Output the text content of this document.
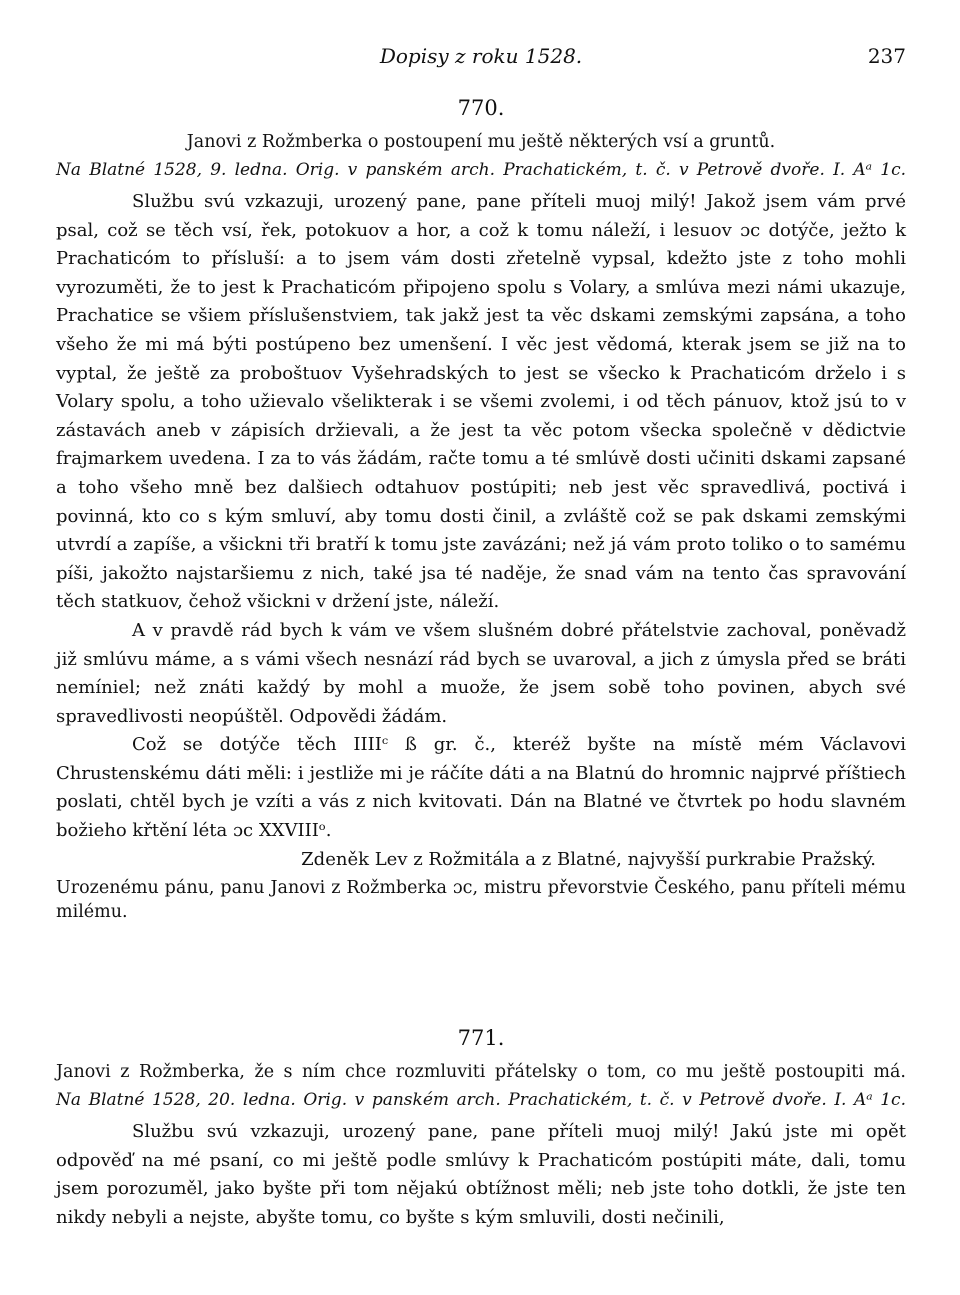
Dopisy z roku 1528.	237
770.

Janovi z Rožmberka o postoupení mu ještě některých vsí a gruntů.

Na Blatné 1528, 9. ledna. Orig. v panském arch. Prachatickém, t. č. v Petrově dvoře. I. Aᵃ 1c.

Službu svú vzkazuji, urozený pane, pane příteli muoj milý! Jakož jsem vám prvé psal, což se těch vsí, řek, potokuov a hor, a což k tomu náleží, i lesuov ɔc dotýče, ježto k Prachaticóm to přísluší: a to jsem vám dosti zřetelně vypsal, kdežto jste z toho mohli vyrozuměti, že to jest k Prachaticóm připojeno spolu s Volary, a smlúva mezi námi ukazuje, Prachatice se všiem příslušenstviem, tak jakž jest ta věc dskami zemskými zapsána, a toho všeho že mi má býti postúpeno bez umenšení. I věc jest vědomá, kterak jsem se již na to vyptal, že ještě za proboštuov Vyšehradských to jest se všecko k Prachaticóm drželo i s Volary spolu, a toho užievalo všelikterak i se všemi zvolemi, i od těch pánuov, ktož jsú to v zástavách aneb v zápisích držievali, a že jest ta věc potom všecka společně v dědictvie frajmarkem uvedena. I za to vás žádám, račte tomu a té smlúvě dosti učiniti dskami zapsané a toho všeho mně bez dalšiech odtahuov postúpiti; neb jest věc spravedlivá, poctivá i povinná, kto co s kým smluví, aby tomu dosti činil, a zvláště což se pak dskami zemskými utvrdí a zapíše, a všickni tři bratří k tomu jste zavázáni; než já vám proto toliko o to samému píši, jakožto najstaršiemu z nich, také jsa té naděje, že snad vám na tento čas spravování těch statkuov, čehož všickni v držení jste, náleží.

A v pravdě rád bych k vám ve všem slušném dobré přátelstvie zachoval, poněvadž již smlúvu máme, a s vámi všech nesnází rád bych se uvaroval, a jich z úmysla před se bráti nemíniel; než znáti každý by mohl a muože, že jsem sobě toho povinen, abych své spravedlivosti neopúštěl. Odpovědi žádám.

Což se dotýče těch IIIIᶜ ß gr. č., kteréž byšte na místě mém Václavovi Chrustenskému dáti měli: i jestliže mi je ráčíte dáti a na Blatnú do hromnic najprvé příštiech poslati, chtěl bych je vzíti a vás z nich kvitovati. Dán na Blatné ve čtvrtek po hodu slavném božieho křtění léta ɔc XXVIIIᵒ.

Zdeněk Lev z Rožmitála a z Blatné, najvyšší purkrabie Pražský.

Urozenému pánu, panu Janovi z Rožmberka ɔc, mistru převorstvie Českého, panu příteli mému milému.

771.

Janovi z Rožmberka, že s ním chce rozmluviti přátelsky o tom, co mu ještě postoupiti má.

Na Blatné 1528, 20. ledna. Orig. v panském arch. Prachatickém, t. č. v Petrově dvoře. I. Aᵃ 1c.

Službu svú vzkazuji, urozený pane, pane příteli muoj milý! Jakú jste mi opět odpověď na mé psaní, co mi ještě podle smlúvy k Prachaticóm postúpiti máte, dali, tomu jsem porozuměl, jako byšte při tom nějakú obtížnost měli; neb jste toho dotkli, že jste ten nikdy nebyli a nejste, abyšte tomu, co byšte s kým smluvili, dosti nečinili,
